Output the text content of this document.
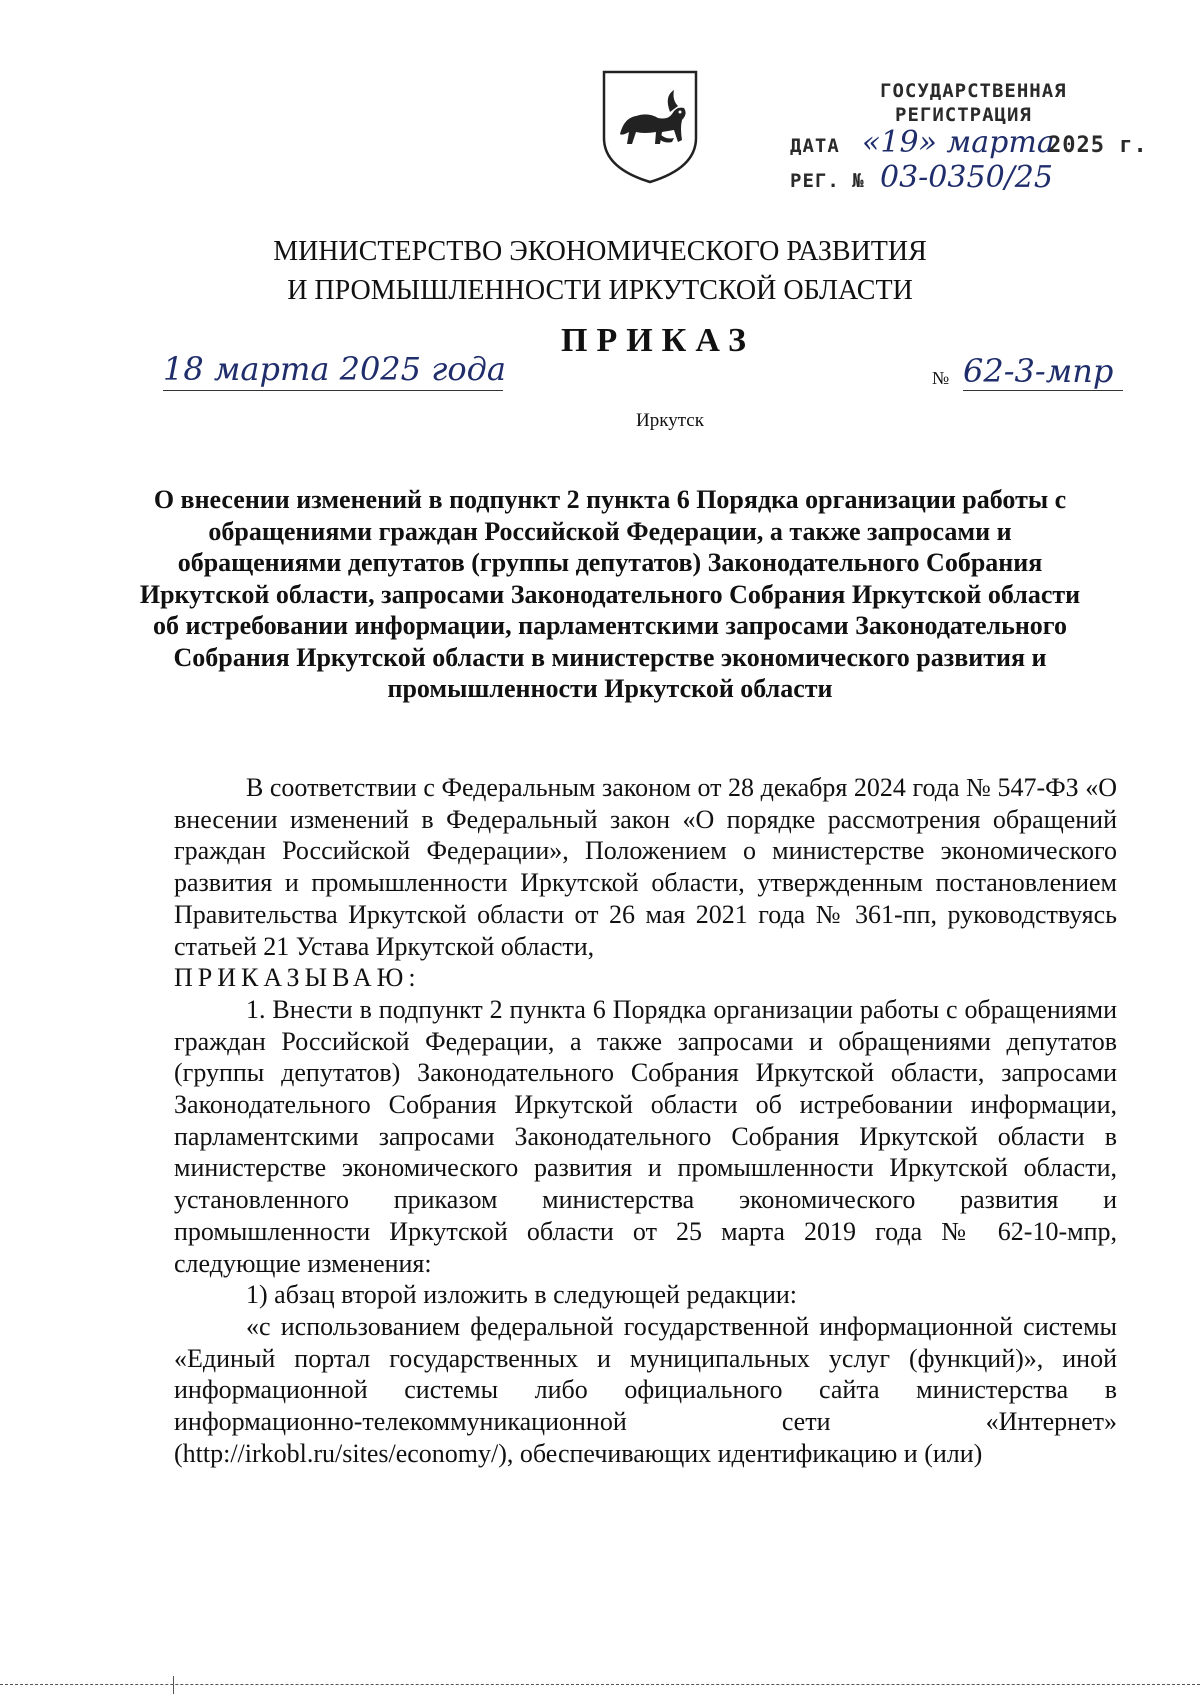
ГОСУДАРСТВЕННАЯ
РЕГИСТРАЦИЯ
ДАТА «19» марта
2025 г.
РЕГ. № 03-0350/25
МИНИСТЕРСТВО ЭКОНОМИЧЕСКОГО РАЗВИТИЯ
И ПРОМЫШЛЕННОСТИ ИРКУТСКОЙ ОБЛАСТИ
ПРИКАЗ
18 марта 2025 года	№ 62-3-мпр
Иркутск

О внесении изменений в подпункт 2 пункта 6 Порядка организации работы с обращениями граждан Российской Федерации, а также запросами и обращениями депутатов (группы депутатов) Законодательного Собрания Иркутской области, запросами Законодательного Собрания Иркутской области об истребовании информации, парламентскими запросами Законодательного Собрания Иркутской области в министерстве экономического развития и промышленности Иркутской области

В соответствии с Федеральным законом от 28 декабря 2024 года № 547-ФЗ «О внесении изменений в Федеральный закон «О порядке рассмотрения обращений граждан Российской Федерации», Положением о министерстве экономического развития и промышленности Иркутской области, утвержденным постановлением Правительства Иркутской области от 26 мая 2021 года № 361-пп, руководствуясь статьей 21 Устава Иркутской области,

ПРИКАЗЫВАЮ:

1. Внести в подпункт 2 пункта 6 Порядка организации работы с обращениями граждан Российской Федерации, а также запросами и обращениями депутатов (группы депутатов) Законодательного Собрания Иркутской области, запросами Законодательного Собрания Иркутской области об истребовании информации, парламентскими запросами Законодательного Собрания Иркутской области в министерстве экономического развития и промышленности Иркутской области, установленного приказом министерства экономического развития и промышленности Иркутской области от 25 марта 2019 года № 62-10-мпр, следующие изменения:

1) абзац второй изложить в следующей редакции:

«с использованием федеральной государственной информационной системы «Единый портал государственных и муниципальных услуг (функций)», иной информационной системы либо официального сайта министерства в информационно-телекоммуникационной сети «Интернет» (http://irkobl.ru/sites/economy/), обеспечивающих идентификацию и (или)
